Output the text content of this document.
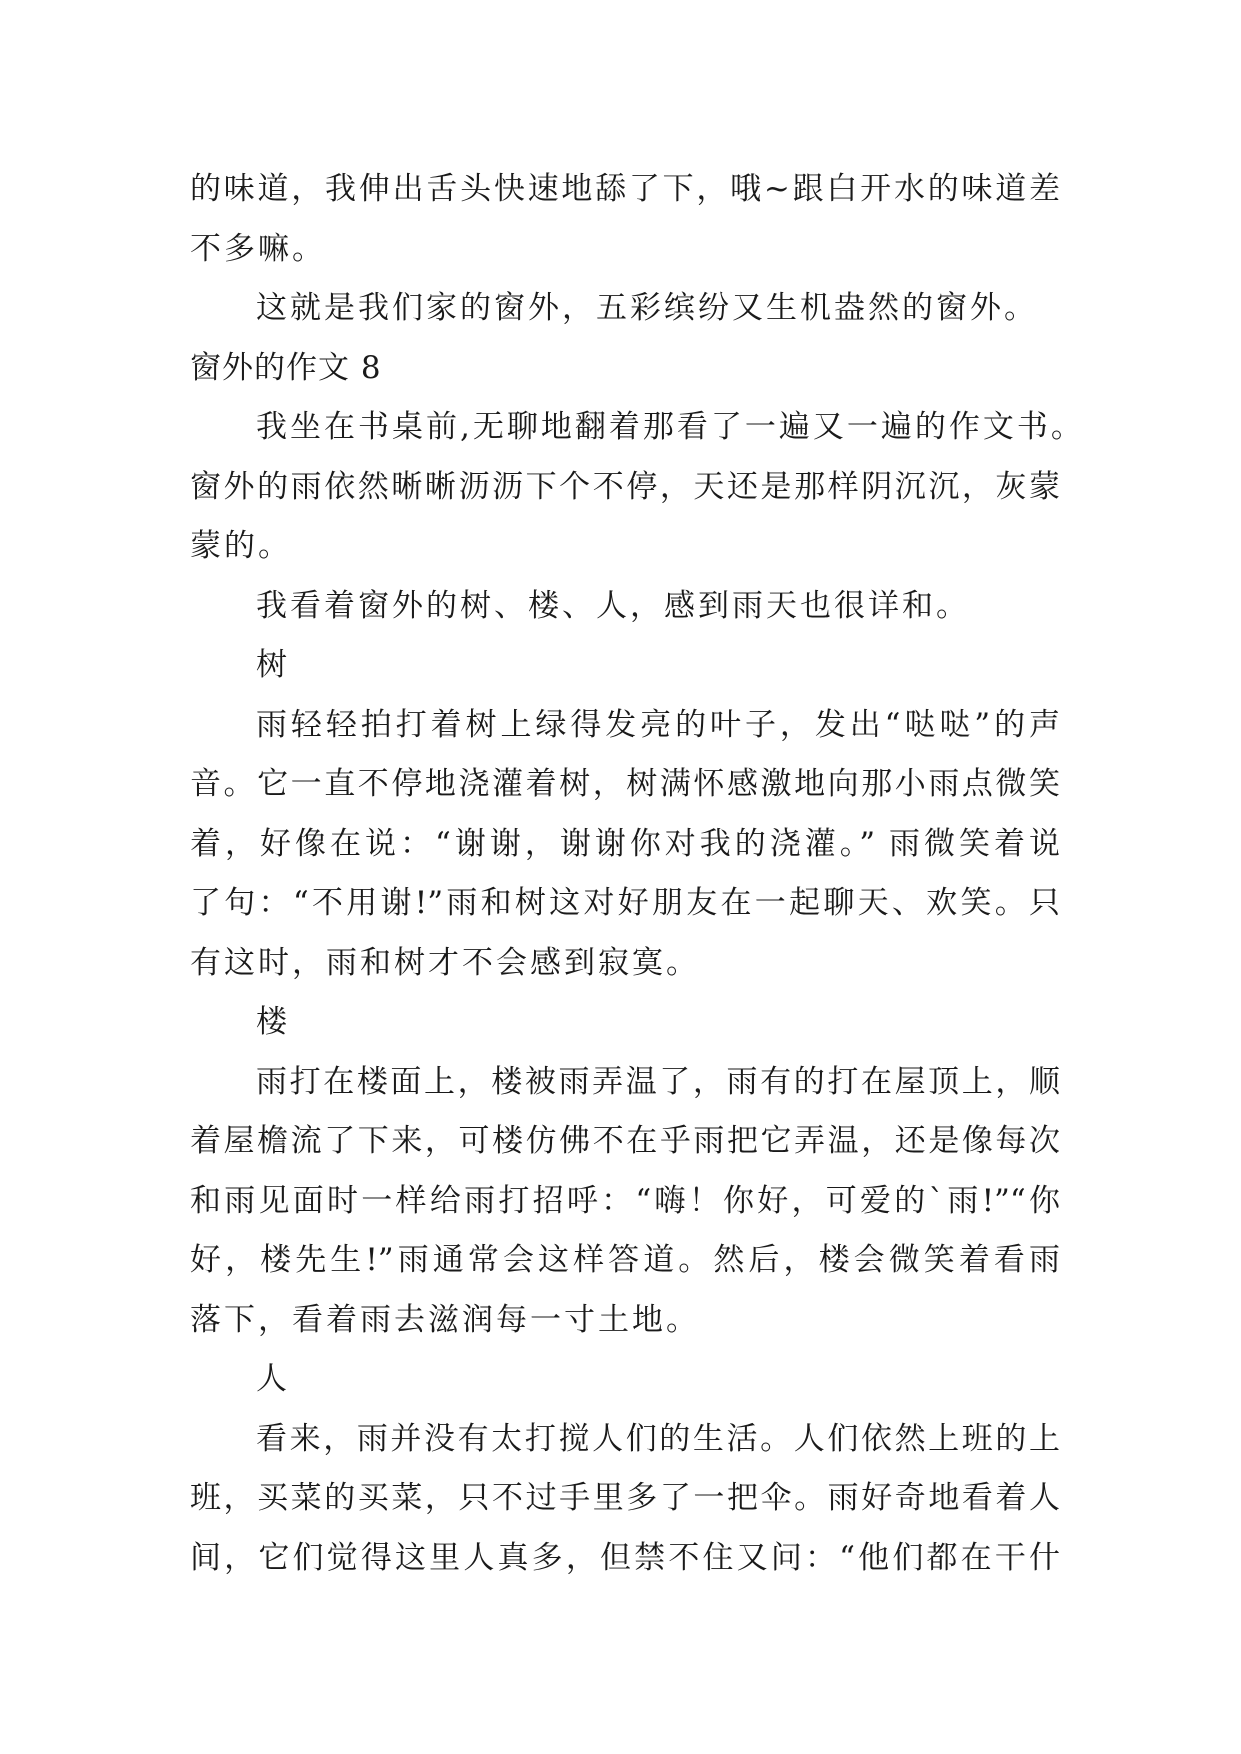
的味道，我伸出舌头快速地舔了下，哦~跟白开水的味道差
不多嘛。
这就是我们家的窗外，五彩缤纷又生机盎然的窗外。
窗外的作文 8
我坐在书桌前,无聊地翻着那看了一遍又一遍的作文书。
窗外的雨依然晰晰沥沥下个不停，天还是那样阴沉沉，灰蒙
蒙的。
我看着窗外的树、楼、人，感到雨天也很详和。
树
雨轻轻拍打着树上绿得发亮的叶子，发出“哒哒”的声
音。它一直不停地浇灌着树，树满怀感激地向那小雨点微笑
着，好像在说：“谢谢，谢谢你对我的浇灌。” 雨微笑着说
了句：“不用谢!”雨和树这对好朋友在一起聊天、欢笑。只
有这时，雨和树才不会感到寂寞。
楼
雨打在楼面上，楼被雨弄温了，雨有的打在屋顶上，顺
着屋檐流了下来，可楼仿佛不在乎雨把它弄温，还是像每次
和雨见面时一样给雨打招呼：“嗨！你好，可爱的`雨!”“你
好，楼先生!”雨通常会这样答道。然后，楼会微笑着看雨
落下，看着雨去滋润每一寸土地。
人
看来，雨并没有太打搅人们的生活。人们依然上班的上
班，买菜的买菜，只不过手里多了一把伞。雨好奇地看着人
间，它们觉得这里人真多，但禁不住又问：“他们都在干什
